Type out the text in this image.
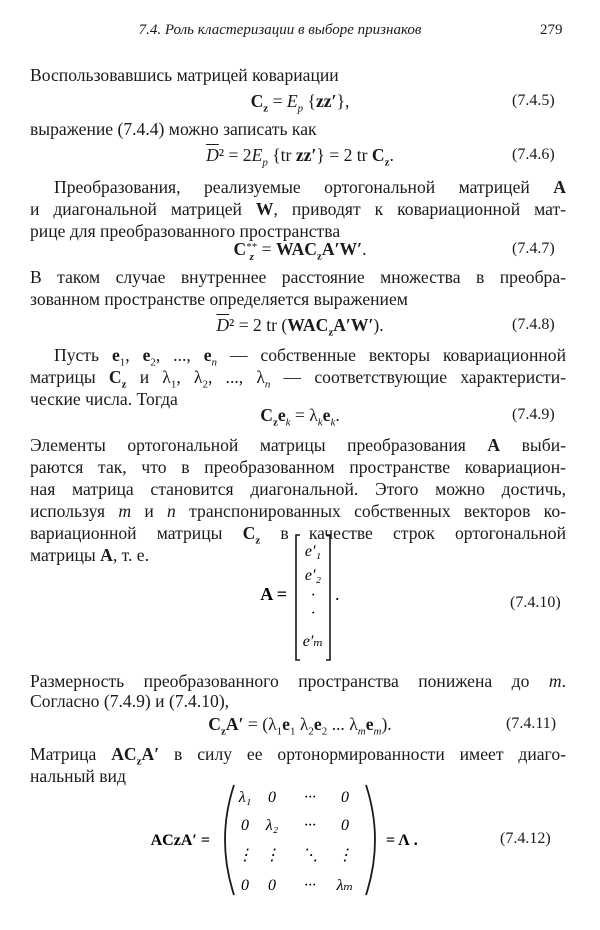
7.4. Роль кластеризации в выборе признаков	279
Воспользовавшись матрицей ковариации
$C_z = E_p$ {zz′},	(7.4.5)
выражение (7.4.4) можно записать как
$\overline{D}^2 = 2E_p$ {tr zz′} = 2 tr $C_z$.	(7.4.6)
Преобразования, реализуемые ортогональной матрицей A
и диагональной матрицей W, приводят к ковариационной мат-
рице для преобразованного пространства
C **
$z = WAC_zA'W'$.	(7.4.7)
В таком случае внутреннее расстояние множества в преобра-
зованном пространстве определяется выражением
$\overline{D}^2 = 2$ tr $(WAC_zA'W')$.	(7.4.8)
Пусть $e_1$, $e_2$, ..., $e_n$ — собственные векторы ковариационной
матрицы $C_z$ и $\lambda_1$, $\lambda_2$, ..., $\lambda_n$ — соответствующие характеристи-
ческие числа. Тогда
$C_ze_k = \lambda_ke_k$.	(7.4.9)
Элементы ортогональной матрицы преобразования A выби-
раются так, что в преобразованном пространстве ковариацион-
ная матрица становится диагональной. Этого можно достичь,
используя m и n транспонированных собственных векторов ко-
вариационной матрицы $C_z$ в качестве строк ортогональной
матрицы A, т. е.
A =
e′₁
e′₂
·
·
e′ₘ
.	(7.4.10)
Размерность преобразованного пространства понижена до m.
Согласно (7.4.9) и (7.4.10),
$C_zA' = (\lambda_1e_1$ $\lambda_2e_2$ ... $\lambda_me_m$).	(7.4.11)
Матрица $AC_zA'$ в силу ее ортонормированности имеет диаго-
нальный вид
ACzA′ =
λ₁ 0 ··· 0
0 λ₂ ··· 0
⋮ ⋮ ⋱ ⋮
0 0 ··· λₘ
= Λ .	(7.4.12)
